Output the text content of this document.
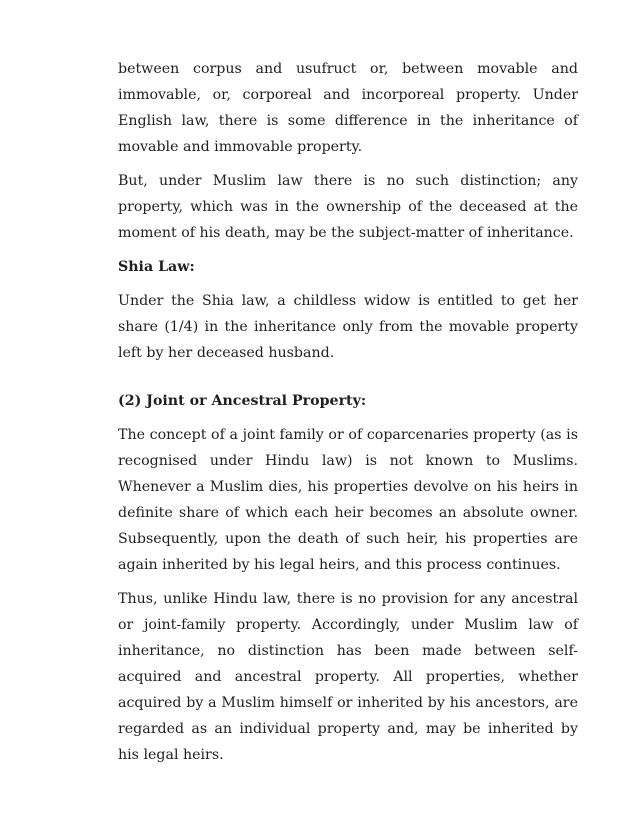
between corpus and usufruct or, between movable and immovable, or, corporeal and incorporeal property. Under English law, there is some difference in the inheritance of movable and immovable property.

But, under Muslim law there is no such distinction; any property, which was in the ownership of the deceased at the moment of his death, may be the subject-matter of inheritance.

Shia Law:

Under the Shia law, a childless widow is entitled to get her share (1/4) in the inheritance only from the movable property left by her deceased husband.

(2) Joint or Ancestral Property:

The concept of a joint family or of coparcenaries property (as is recognised under Hindu law) is not known to Muslims. Whenever a Muslim dies, his properties devolve on his heirs in definite share of which each heir becomes an absolute owner. Subsequently, upon the death of such heir, his properties are again inherited by his legal heirs, and this process continues.

Thus, unlike Hindu law, there is no provision for any ancestral or joint-family property. Accordingly, under Muslim law of inheritance, no distinction has been made between self-acquired and ancestral property. All properties, whether acquired by a Muslim himself or inherited by his ancestors, are regarded as an individual property and, may be inherited by his legal heirs.
